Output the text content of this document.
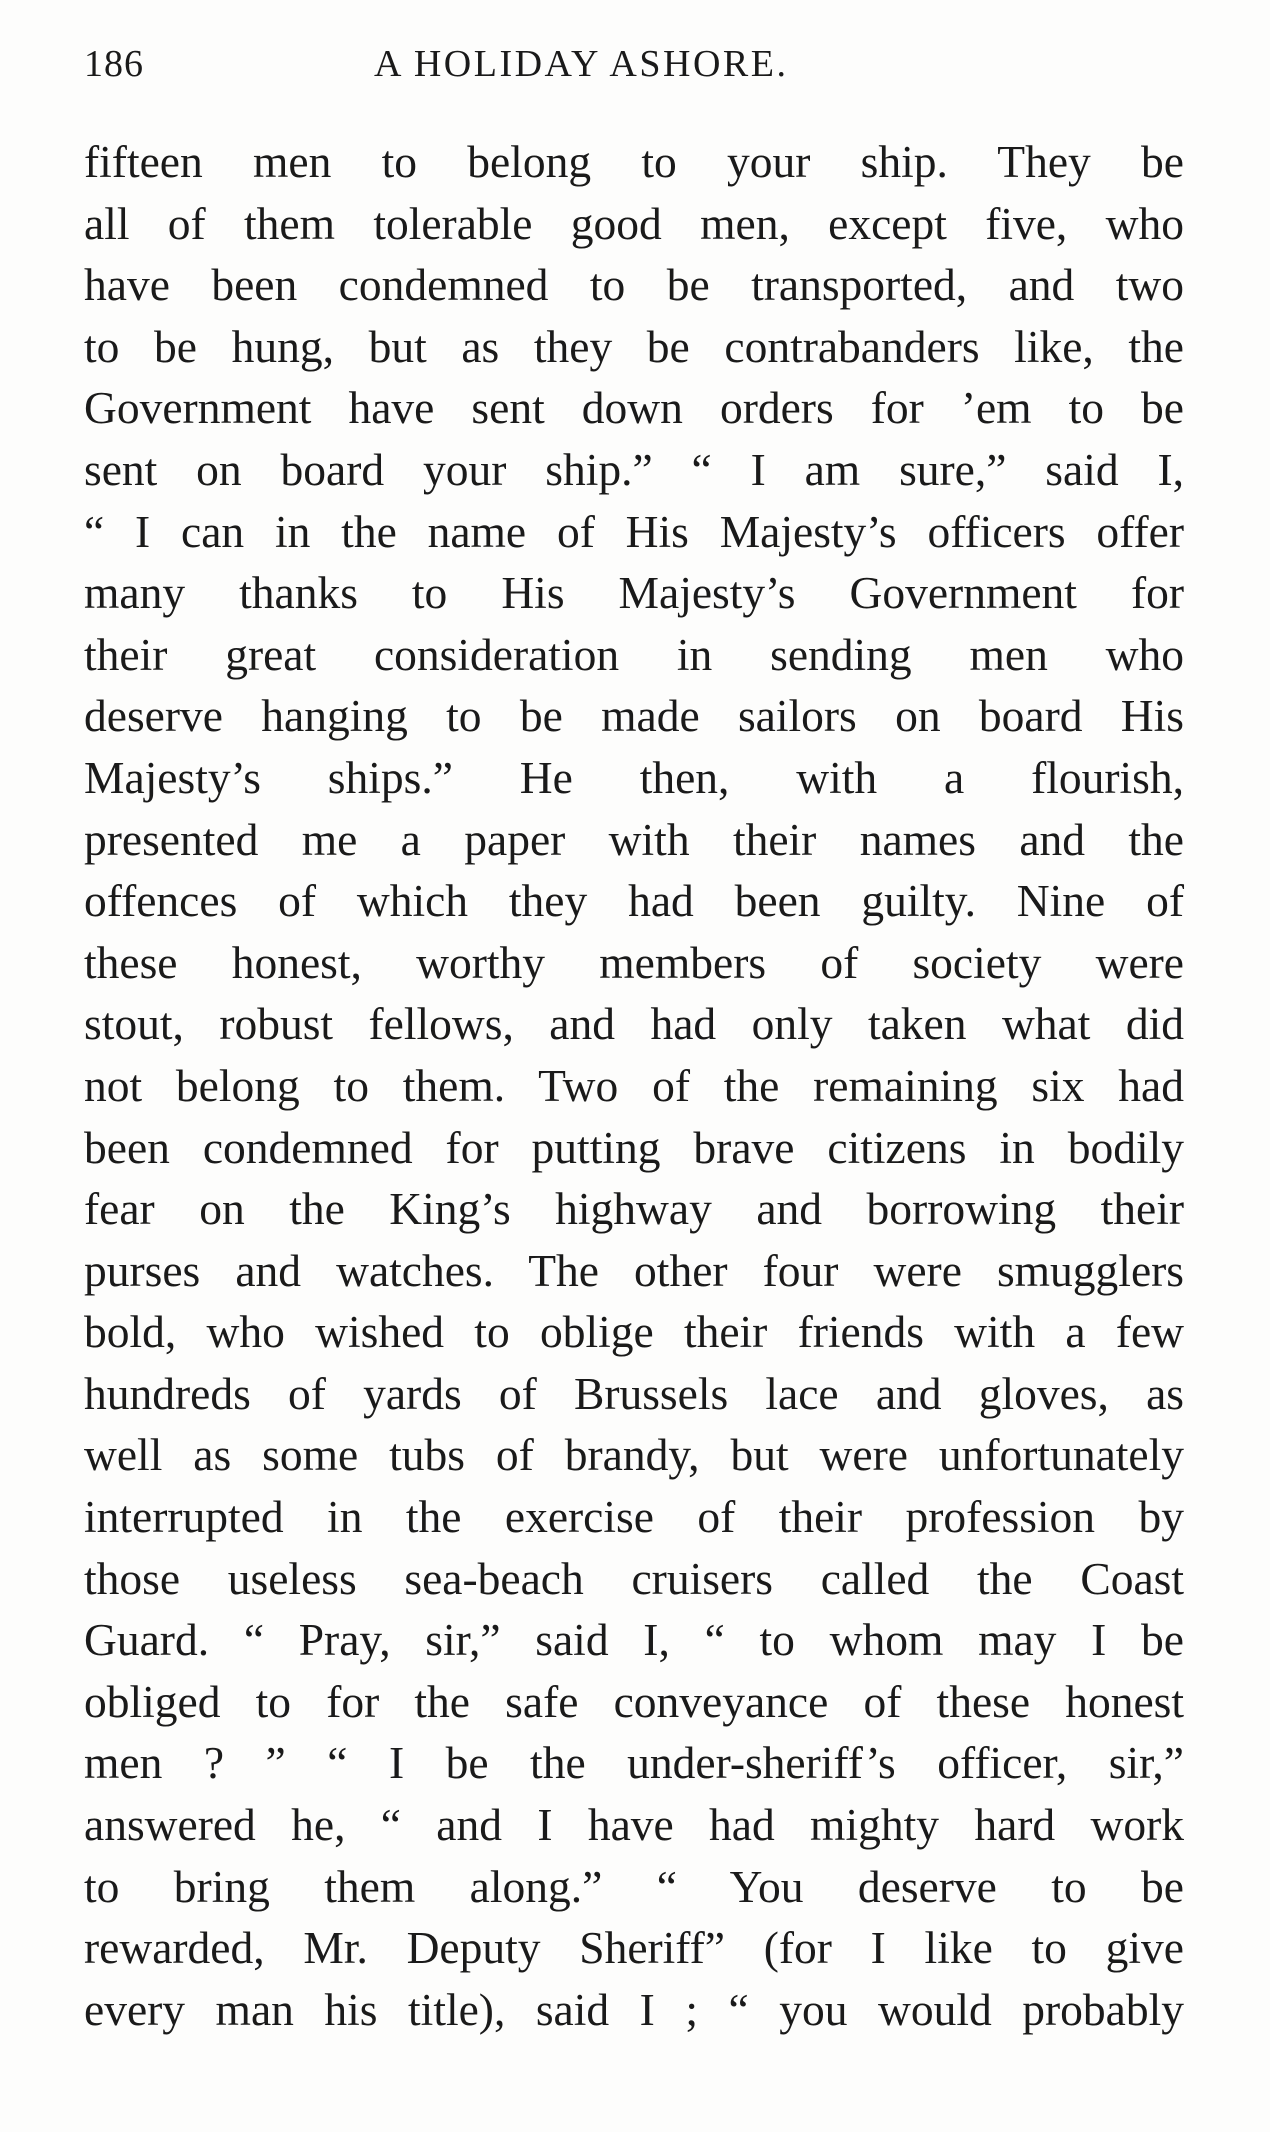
186	A HOLIDAY ASHORE.
fifteen men to belong to your ship. They be
all of them tolerable good men, except five, who
have been condemned to be transported, and two
to be hung, but as they be contrabanders like, the
Government have sent down orders for ’em to be
sent on board your ship.” “ I am sure,” said I,
“ I can in the name of His Majesty’s officers offer
many thanks to His Majesty’s Government for
their great consideration in sending men who
deserve hanging to be made sailors on board His
Majesty’s ships.” He then, with a flourish,
presented me a paper with their names and the
offences of which they had been guilty. Nine of
these honest, worthy members of society were
stout, robust fellows, and had only taken what did
not belong to them. Two of the remaining six had
been condemned for putting brave citizens in bodily
fear on the King’s highway and borrowing their
purses and watches. The other four were smugglers
bold, who wished to oblige their friends with a few
hundreds of yards of Brussels lace and gloves, as
well as some tubs of brandy, but were unfortunately
interrupted in the exercise of their profession by
those useless sea-beach cruisers called the Coast
Guard. “ Pray, sir,” said I, “ to whom may I be
obliged to for the safe conveyance of these honest
men ? ” “ I be the under-sheriff’s officer, sir,”
answered he, “ and I have had mighty hard work
to bring them along.” “ You deserve to be
rewarded, Mr. Deputy Sheriff” (for I like to give
every man his title), said I ; “ you would probably
